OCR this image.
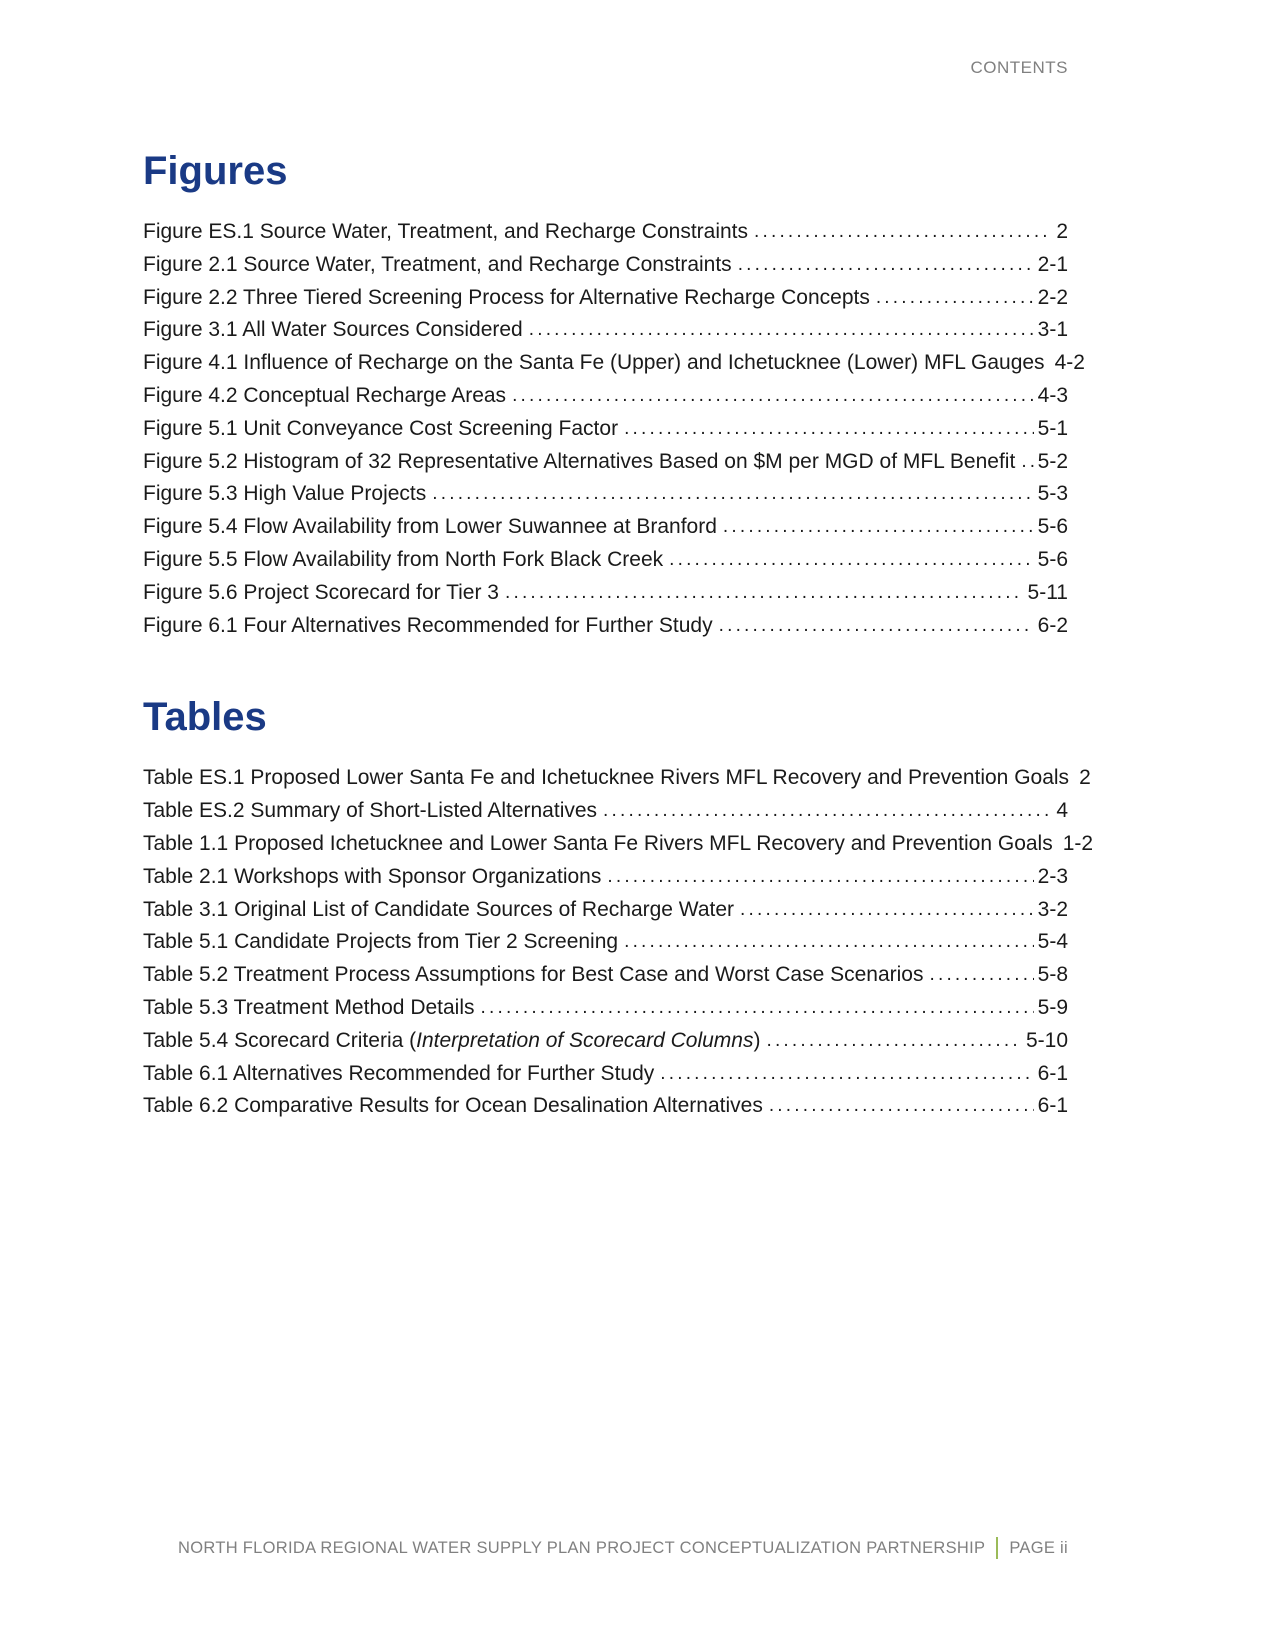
CONTENTS
Figures
Figure ES.1 Source Water, Treatment, and Recharge Constraints .....	2
Figure 2.1 Source Water, Treatment, and Recharge Constraints .....	2-1
Figure 2.2 Three Tiered Screening Process for Alternative Recharge Concepts .....	2-2
Figure 3.1 All Water Sources Considered .....	3-1
Figure 4.1 Influence of Recharge on the Santa Fe (Upper) and Ichetucknee (Lower) MFL Gauges 4-2
Figure 4.2 Conceptual Recharge Areas .....	4-3
Figure 5.1 Unit Conveyance Cost Screening Factor .....	5-1
Figure 5.2 Histogram of 32 Representative Alternatives Based on $M per MGD of MFL Benefit ..... 5-2
Figure 5.3 High Value Projects .....	5-3
Figure 5.4 Flow Availability from Lower Suwannee at Branford .....	5-6
Figure 5.5 Flow Availability from North Fork Black Creek .....	5-6
Figure 5.6 Project Scorecard for Tier 3 .....	5-11
Figure 6.1 Four Alternatives Recommended for Further Study .....	6-2
Tables
Table ES.1 Proposed Lower Santa Fe and Ichetucknee Rivers MFL Recovery and Prevention Goals 2
Table ES.2 Summary of Short-Listed Alternatives .....	4
Table 1.1 Proposed Ichetucknee and Lower Santa Fe Rivers MFL Recovery and Prevention Goals 1-2
Table 2.1 Workshops with Sponsor Organizations .....	2-3
Table 3.1 Original List of Candidate Sources of Recharge Water .....	3-2
Table 5.1 Candidate Projects from Tier 2 Screening .....	5-4
Table 5.2 Treatment Process Assumptions for Best Case and Worst Case Scenarios .....	5-8
Table 5.3 Treatment Method Details .....	5-9
Table 5.4 Scorecard Criteria (Interpretation of Scorecard Columns) .....	5-10
Table 6.1 Alternatives Recommended for Further Study .....	6-1
Table 6.2 Comparative Results for Ocean Desalination Alternatives .....	6-1
NORTH FLORIDA REGIONAL WATER SUPPLY PLAN PROJECT CONCEPTUALIZATION PARTNERSHIP PAGE ii
